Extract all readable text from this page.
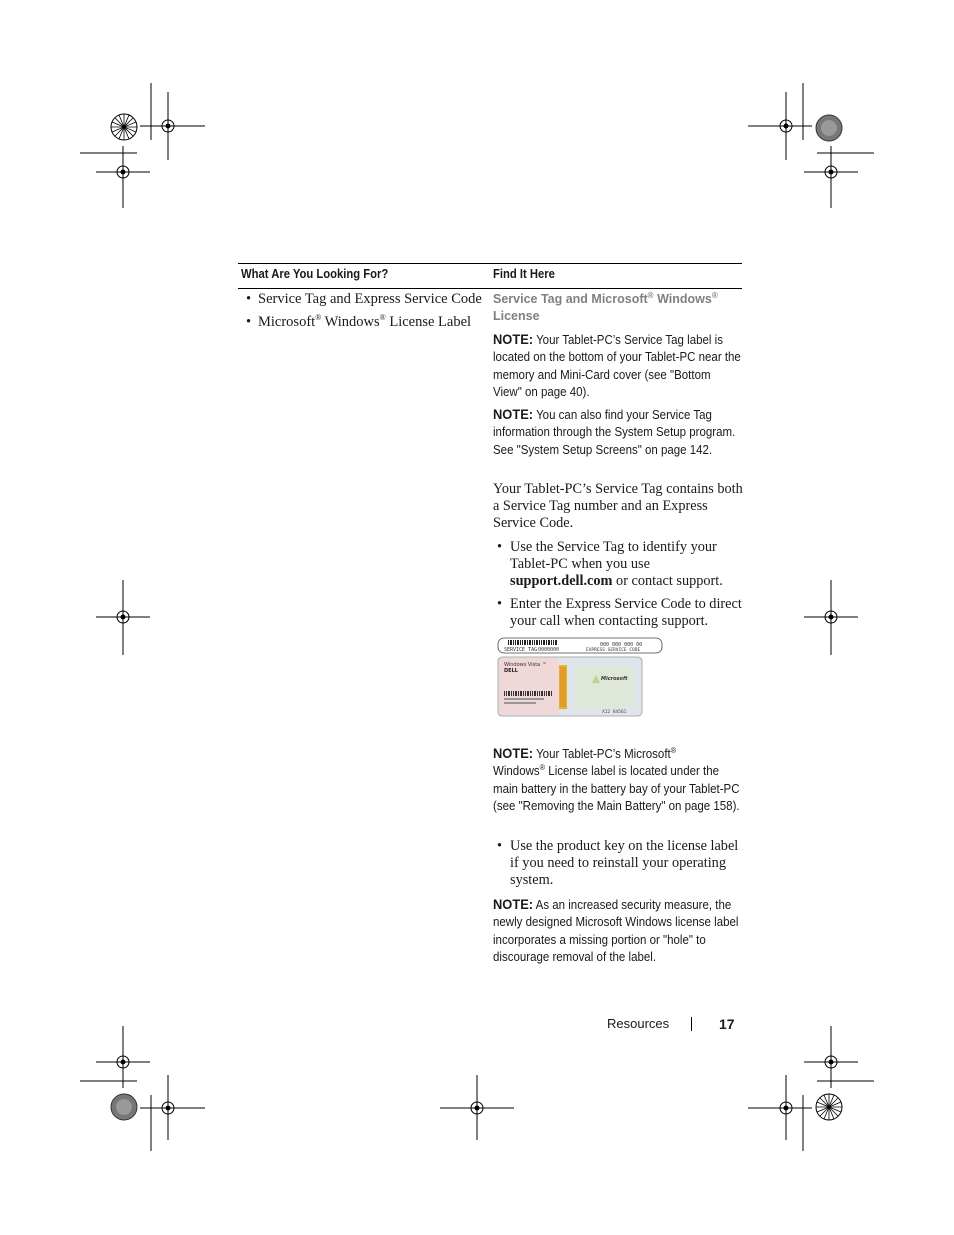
What Are You Looking For?	Find It Here
• Service Tag and Express Service Code
• Microsoft® Windows® License Label
Service Tag and Microsoft® Windows®
License
NOTE: Your Tablet-PC’s Service Tag label is located on the bottom of your Tablet-PC near the memory and Mini-Card cover (see "Bottom View" on page 40).
NOTE: You can also find your Service Tag information through the System Setup program. See "System Setup Screens" on page 142.
Your Tablet-PC’s Service Tag contains both a Service Tag number and an Express Service Code.
• Use the Service Tag to identify your Tablet-PC when you use support.dell.com or contact support.
• Enter the Express Service Code to direct your call when contacting support.
SERVICE TAG 0000000
000 000 000 00
EXPRESS SERVICE CODE
Windows Vista ™
DELL
Microsoft
X12 84561
NOTE: Your Tablet-PC’s Microsoft®
Windows® License label is located under the main battery in the battery bay of your Tablet-PC (see "Removing the Main Battery" on page 158).
• Use the product key on the license label if you need to reinstall your operating system.
NOTE: As an increased security measure, the newly designed Microsoft Windows license label incorporates a missing portion or "hole" to discourage removal of the label.
Resources	17
